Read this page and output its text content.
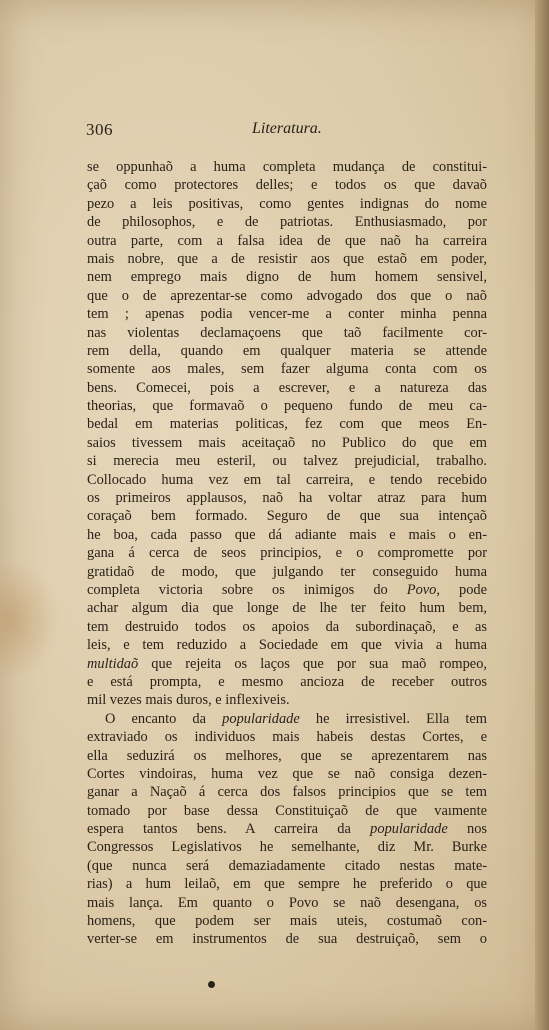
306	Literatura.
se oppunhaõ a huma completa mudança de constitui-
çaõ como protectores delles; e todos os que davaõ
pezo a leis positivas, como gentes indignas do nome
de philosophos, e de patriotas. Enthusiasmado, por
outra parte, com a falsa idea de que naõ ha carreira
mais nobre, que a de resistir aos que estaõ em poder,
nem emprego mais digno de hum homem sensivel,
que o de aprezentar-se como advogado dos que o naõ
tem ; apenas podia vencer-me a conter minha penna
nas violentas declamaçoens que taõ facilmente cor-
rem della, quando em qualquer materia se attende
somente aos males, sem fazer alguma conta com os
bens. Comecei, pois a escrever, e a natureza das
theorias, que formavaõ o pequeno fundo de meu ca-
bedal em materias politicas, fez com que meos En-
saios tivessem mais aceitaçaõ no Publico do que em
si merecia meu esteril, ou talvez prejudicial, trabalho.
Collocado huma vez em tal carreira, e tendo recebido
os primeiros applausos, naõ ha voltar atraz para hum
coraçaõ bem formado. Seguro de que sua intençaõ
he boa, cada passo que dá adiante mais e mais o en-
gana á cerca de seos principios, e o compromette por
gratidaõ de modo, que julgando ter conseguido huma
completa victoria sobre os inimigos do Povo, pode
achar algum dia que longe de lhe ter feito hum bem,
tem destruido todos os apoios da subordinaçaõ, e as
leis, e tem reduzido a Sociedade em que vivia a huma
multidaõ que rejeita os laços que por sua maõ rompeo,
e está prompta, e mesmo ancioza de receber outros
mil vezes mais duros, e inflexiveis.
O encanto da popularidade he irresistivel. Ella tem
extraviado os individuos mais habeis destas Cortes, e
ella seduzirá os melhores, que se aprezentarem nas
Cortes vindoiras, huma vez que se naõ consiga dezen-
ganar a Naçaõ á cerca dos falsos principios que se tem
tomado por base dessa Constituiçaõ de que vaımente
espera tantos bens. A carreira da popularidade nos
Congressos Legislativos he semelhante, diz Mr. Burke
(que nunca será demaziadamente citado nestas mate-
rias) a hum leilaõ, em que sempre he preferido o que
mais lança. Em quanto o Povo se naõ desengana, os
homens, que podem ser mais uteis, costumaõ con-
verter-se em instrumentos de sua destruiçaõ, sem o
